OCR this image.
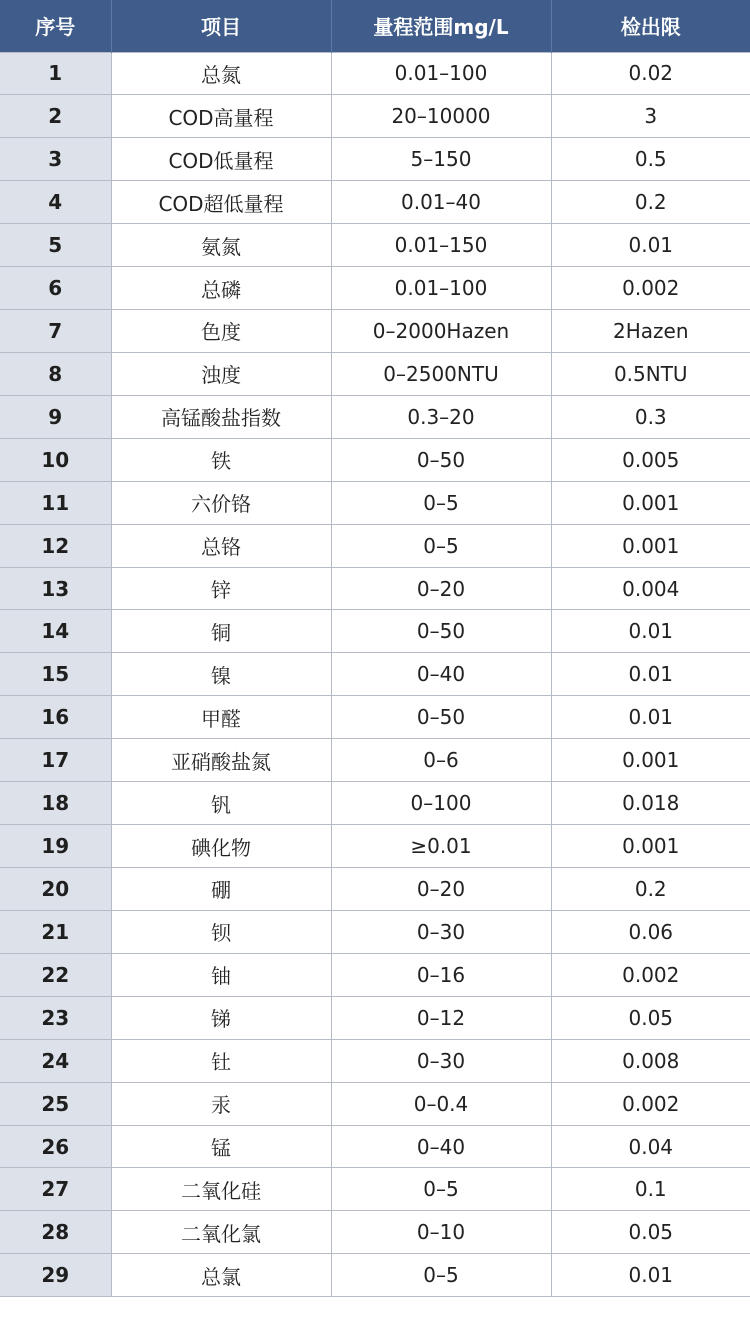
序号	项目	量程范围mg/L	检出限
1	总氮	0.01–100	0.02
2	COD高量程	20–10000	3
3	COD低量程	5–150	0.5
4	COD超低量程	0.01–40	0.2
5	氨氮	0.01–150	0.01
6	总磷	0.01–100	0.002
7	色度	0–2000Hazen	2Hazen
8	浊度	0–2500NTU	0.5NTU
9	高锰酸盐指数	0.3–20	0.3
10	铁	0–50	0.005
11	六价铬	0–5	0.001
12	总铬	0–5	0.001
13	锌	0–20	0.004
14	铜	0–50	0.01
15	镍	0–40	0.01
16	甲醛	0–50	0.01
17	亚硝酸盐氮	0–6	0.001
18	钒	0–100	0.018
19	碘化物	≥0.01	0.001
20	硼	0–20	0.2
21	钡	0–30	0.06
22	铀	0–16	0.002
23	锑	0–12	0.05
24	钍	0–30	0.008
25	汞	0–0.4	0.002
26	锰	0–40	0.04
27	二氧化硅	0–5	0.1
28	二氧化氯	0–10	0.05
29	总氯	0–5	0.01
